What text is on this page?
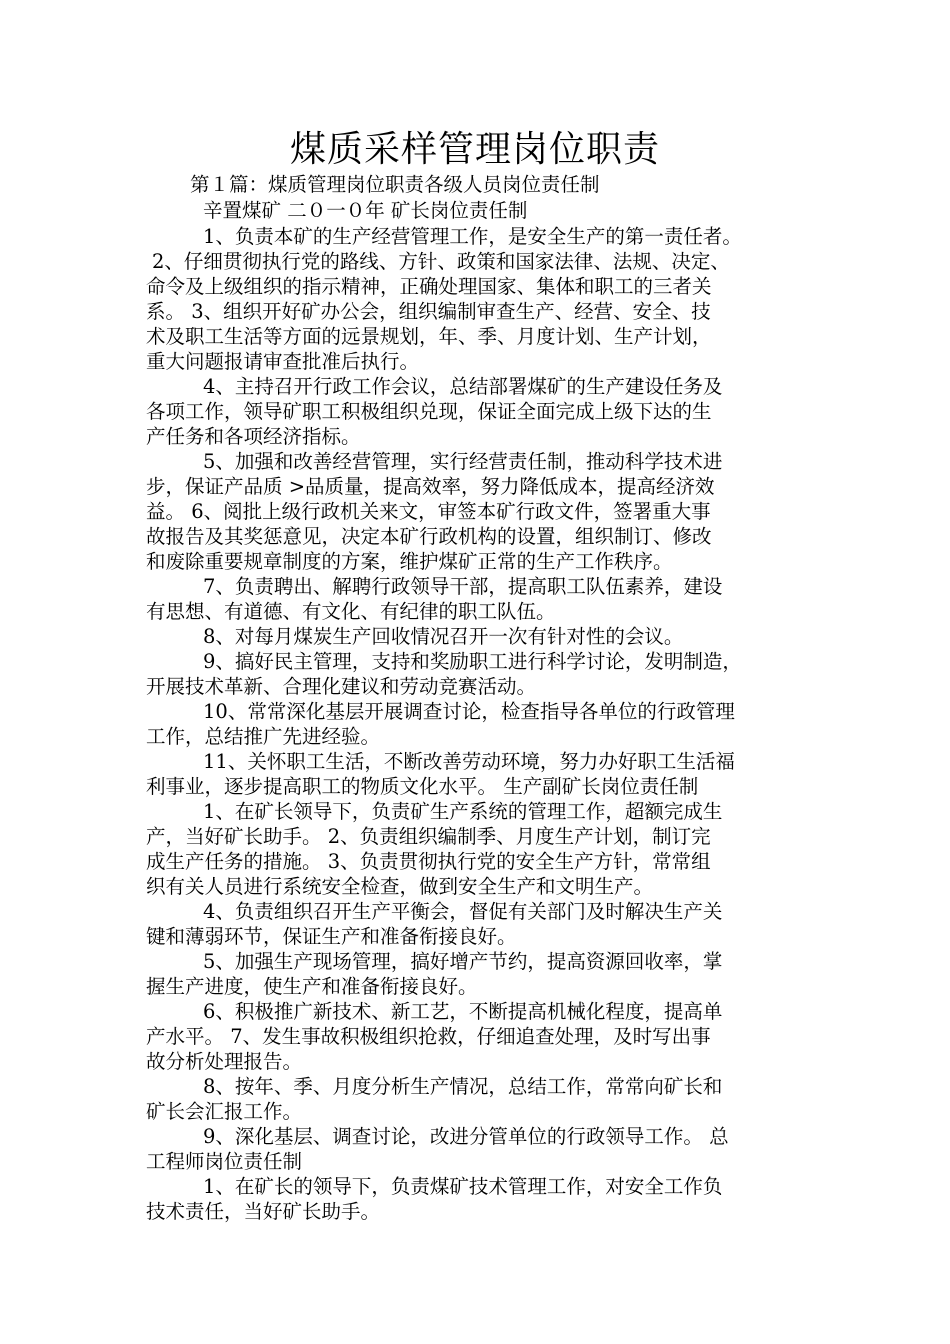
煤质采样管理岗位职责
第１篇：煤质管理岗位职责各级人员岗位责任制
辛置煤矿 二０一０年 矿长岗位责任制
1、负责本矿的生产经营管理工作，是安全生产的第一责任者。
2、仔细贯彻执行党的路线、方针、政策和国家法律、法规、决定、
命令及上级组织的指示精神，正确处理国家、集体和职工的三者关
系。 3、组织开好矿办公会，组织编制审查生产、经营、安全、技
术及职工生活等方面的远景规划，年、季、月度计划、生产计划，
重大问题报请审查批准后执行。
4、主持召开行政工作会议，总结部署煤矿的生产建设任务及
各项工作，领导矿职工积极组织兑现，保证全面完成上级下达的生
产任务和各项经济指标。
5、加强和改善经营管理，实行经营责任制，推动科学技术进
步，保证产品质 >品质量，提高效率，努力降低成本，提高经济效
益。 6、阅批上级行政机关来文，审签本矿行政文件，签署重大事
故报告及其奖惩意见，决定本矿行政机构的设置，组织制订、修改
和废除重要规章制度的方案，维护煤矿正常的生产工作秩序。
7、负责聘出、解聘行政领导干部，提高职工队伍素养，建设
有思想、有道德、有文化、有纪律的职工队伍。
8、对每月煤炭生产回收情况召开一次有针对性的会议。
9、搞好民主管理，支持和奖励职工进行科学讨论，发明制造，
开展技术革新、合理化建议和劳动竞赛活动。
10、常常深化基层开展调查讨论，检查指导各单位的行政管理
工作，总结推广先进经验。
11、关怀职工生活，不断改善劳动环境，努力办好职工生活福
利事业，逐步提高职工的物质文化水平。 生产副矿长岗位责任制
1、在矿长领导下，负责矿生产系统的管理工作，超额完成生
产，当好矿长助手。 2、负责组织编制季、月度生产计划，制订完
成生产任务的措施。 3、负责贯彻执行党的安全生产方针，常常组
织有关人员进行系统安全检查，做到安全生产和文明生产。
4、负责组织召开生产平衡会，督促有关部门及时解决生产关
键和薄弱环节，保证生产和准备衔接良好。
5、加强生产现场管理，搞好增产节约，提高资源回收率，掌
握生产进度，使生产和准备衔接良好。
6、积极推广新技术、新工艺，不断提高机械化程度，提高单
产水平。 7、发生事故积极组织抢救，仔细追查处理，及时写出事
故分析处理报告。
8、按年、季、月度分析生产情况，总结工作，常常向矿长和
矿长会汇报工作。
9、深化基层、调查讨论，改进分管单位的行政领导工作。 总
工程师岗位责任制
1、在矿长的领导下，负责煤矿技术管理工作，对安全工作负
技术责任，当好矿长助手。
